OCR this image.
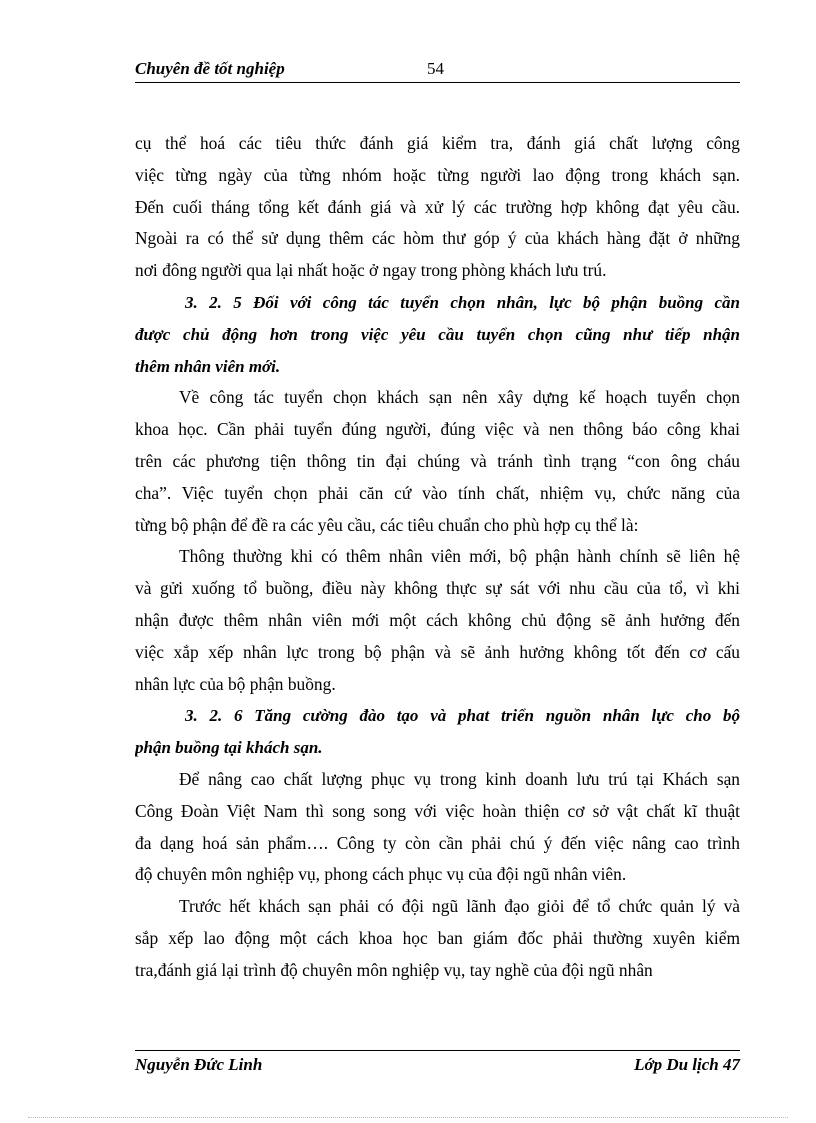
Chuyên đề tốt nghiệp	54
cụ thể hoá các tiêu thức đánh giá kiểm tra, đánh giá chất lượng công
việc từng ngày của từng nhóm hoặc từng người lao động trong khách sạn.
Đến cuối tháng tổng kết đánh giá và xử lý các trường hợp không đạt yêu cầu.
Ngoài ra có thể sử dụng thêm các hòm thư góp ý của khách hàng đặt ở những
nơi đông người qua lại nhất hoặc ở ngay trong phòng khách lưu trú.
3. 2. 5 Đối với công tác tuyển chọn nhân, lực bộ phận buồng cần
được chủ động hơn trong việc yêu cầu tuyển chọn cũng như tiếp nhận
thêm nhân viên mới.
Về công tác tuyển chọn khách sạn nên xây dựng kế hoạch tuyển chọn
khoa học. Cần phải tuyển đúng người, đúng việc và nen thông báo công khai
trên các phương tiện thông tin đại chúng và tránh tình trạng “con ông cháu
cha”. Việc tuyển chọn phải căn cứ vào tính chất, nhiệm vụ, chức năng của
từng bộ phận để đề ra các yêu cầu, các tiêu chuẩn cho phù hợp cụ thể là:
Thông thường khi có thêm nhân viên mới, bộ phận hành chính sẽ liên hệ
và gửi xuống tổ buồng, điều này không thực sự sát với nhu cầu của tổ, vì khi
nhận được thêm nhân viên mới một cách không chủ động sẽ ảnh hưởng đến
việc xắp xếp nhân lực trong bộ phận và sẽ ảnh hưởng không tốt đến cơ cấu
nhân lực của bộ phận buồng.
3. 2. 6 Tăng cường đào tạo và phat triển nguồn nhân lực cho bộ
phận buồng tại khách sạn.
Để nâng cao chất lượng phục vụ trong kinh doanh lưu trú tại Khách sạn
Công Đoàn Việt Nam thì song song với việc hoàn thiện cơ sở vật chất kĩ thuật
đa dạng hoá sản phẩm…. Công ty còn cần phải chú ý đến việc nâng cao trình
độ chuyên môn nghiệp vụ, phong cách phục vụ của đội ngũ nhân viên.
Trước hết khách sạn phải có đội ngũ lãnh đạo giỏi để tổ chức quản lý và
sắp xếp lao động một cách khoa học ban giám đốc phải thường xuyên kiểm
tra,đánh giá lại trình độ chuyên môn nghiệp vụ, tay nghề của đội ngũ nhân
Nguyễn Đức Linh	Lớp Du lịch 47
